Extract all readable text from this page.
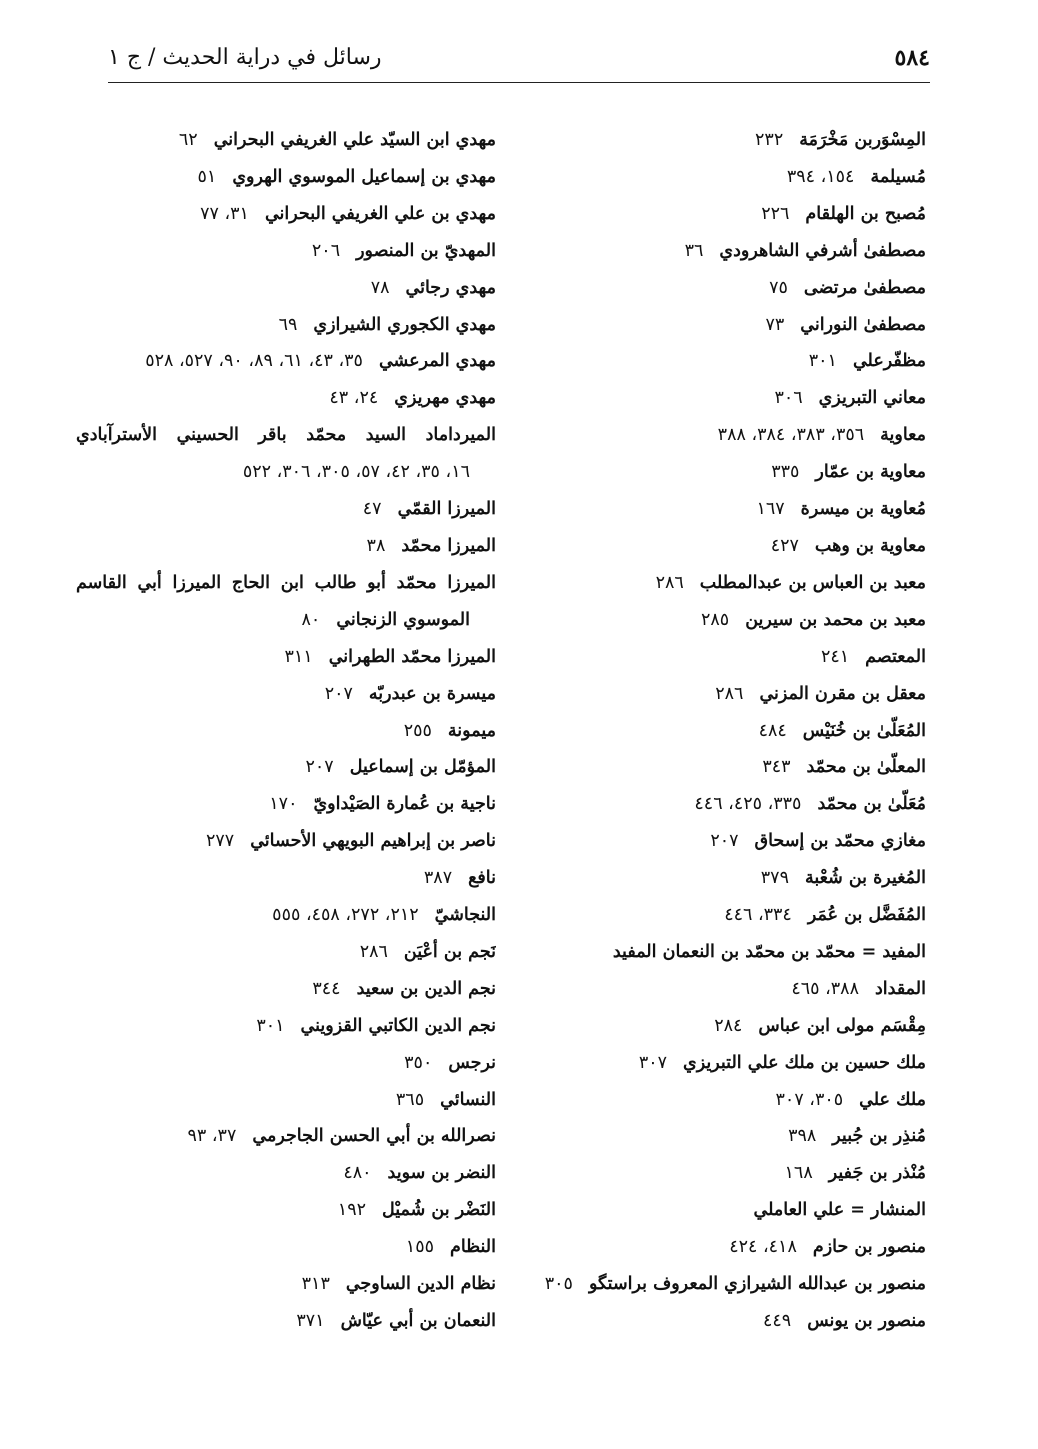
٥٨٤
رسائل في دراية الحديث / ج ١
المِسْوَربن مَخْرَمَة٢٣٢
مُسيلمة١٥٤، ٣٩٤
مُصبح بن الهلقام٢٢٦
مصطفىٰ أشرفي الشاهرودي٣٦
مصطفىٰ مرتضى٧٥
مصطفىٰ النوراني٧٣
مظفّرعلي٣٠١
معاني التبريزي٣٠٦
معاوية٣٥٦، ٣٨٣، ٣٨٤، ٣٨٨
معاوية بن عمّار٣٣٥
مُعاوية بن ميسرة١٦٧
معاوية بن وهب٤٢٧
معبد بن العباس بن عبدالمطلب٢٨٦
معبد بن محمد بن سيرين٢٨٥
المعتصم٢٤١
معقل بن مقرن المزني٢٨٦
المُعَلّىٰ بن خُنَيْس٤٨٤
المعلّىٰ بن محمّد٣٤٣
مُعَلّىٰ بن محمّد٣٣٥، ٤٢٥، ٤٤٦
مغازي محمّد بن إسحاق٢٠٧
المُغيرة بن شُعْبة٣٧٩
المُفَضَّل بن عُمَر٣٣٤، ٤٤٦
المفيد = محمّد بن محمّد بن النعمان المفيد
المقداد٣٨٨، ٤٦٥
مِقْسَم مولى ابن عباس٢٨٤
ملك حسين بن ملك علي التبريزي٣٠٧
ملك علي٣٠٥، ٣٠٧
مُنذِر بن جُبير٣٩٨
مُنْذر بن جَفير١٦٨
المنشار = علي العاملي
منصور بن حازم٤١٨، ٤٢٤
منصور بن عبدالله الشيرازي المعروف براستگو٣٠٥
منصور بن يونس٤٤٩
مهدي ابن السيّد علي الغريفي البحراني٦٢
مهدي بن إسماعيل الموسوي الهروي٥١
مهدي بن علي الغريفي البحراني٣١، ٧٧
المهديّ بن المنصور٢٠٦
مهدي رجائي٧٨
مهدي الكجوري الشيرازي٦٩
مهدي المرعشي٣٥، ٤٣، ٦١، ٨٩، ٩٠، ٥٢٧، ٥٢٨
مهدي مهريزي٢٤، ٤٣
الميرداماد السيد محمّد باقر الحسيني الأسترآبادي
١٦، ٣٥، ٤٢، ٥٧، ٣٠٥، ٣٠٦، ٥٢٢
الميرزا القمّي٤٧
الميرزا محمّد٣٨
الميرزا محمّد أبو طالب ابن الحاج الميرزا أبي القاسم
الموسوي الزنجاني٨٠
الميرزا محمّد الطهراني٣١١
ميسرة بن عبدربّه٢٠٧
ميمونة٢٥٥
المؤمّل بن إسماعيل٢٠٧
ناجية بن عُمارة الصَيْداويّ١٧٠
ناصر بن إبراهيم البويهي الأحسائي٢٧٧
نافع٣٨٧
النجاشيّ٢١٢، ٢٧٢، ٤٥٨، ٥٥٥
نَجم بن أعْيَن٢٨٦
نجم الدين بن سعيد٣٤٤
نجم الدين الكاتبي القزويني٣٠١
نرجس٣٥٠
النسائي٣٦٥
نصرالله بن أبي الحسن الجاجرمي٣٧، ٩٣
النضر بن سويد٤٨٠
النَضْر بن شُميْل١٩٢
النظام١٥٥
نظام الدين الساوجي٣١٣
النعمان بن أبي عيّاش٣٧١
